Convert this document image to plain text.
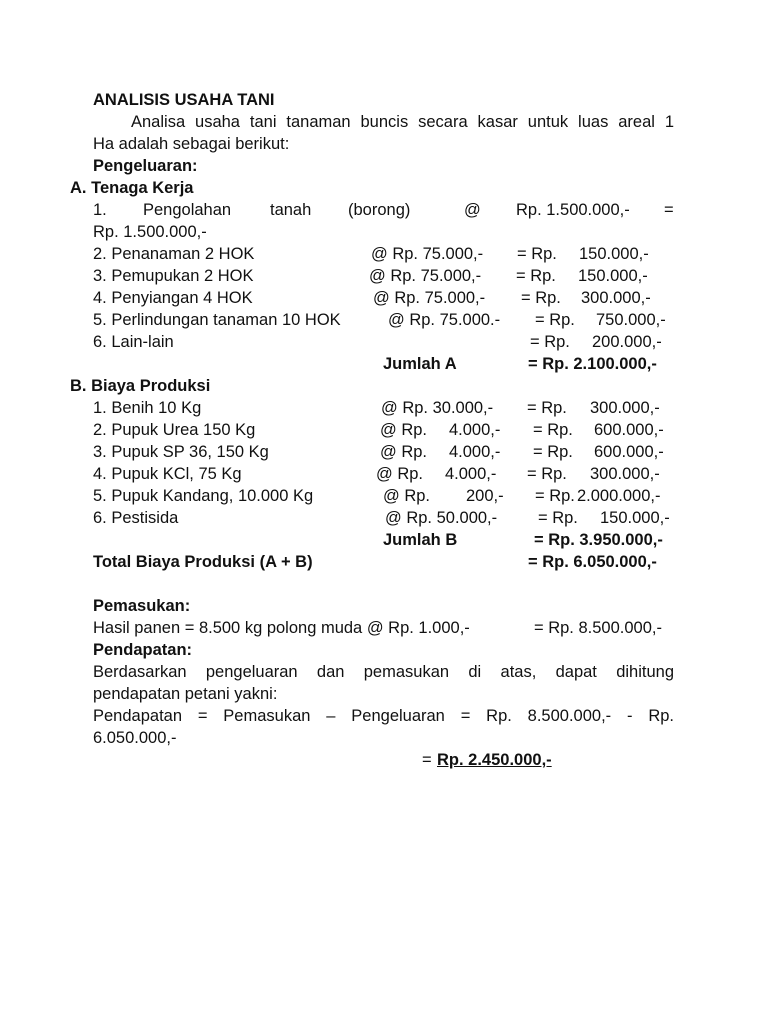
ANALISIS USAHA TANI
Analisa usaha tani tanaman buncis secara kasar untuk luas areal 1
Ha adalah sebagai berikut:
Pengeluaran:
A. Tenaga Kerja
1. Pengolahan tanah (borong)	@ Rp. 1.500.000,- =
Rp. 1.500.000,-
2. Penanaman 2 HOK	@ Rp. 75.000,- = Rp. 150.000,-
3. Pemupukan 2 HOK	@ Rp. 75.000,- = Rp. 150.000,-
4. Penyiangan 4 HOK	@ Rp. 75.000,- = Rp. 300.000,-
5. Perlindungan tanaman 10 HOK	@ Rp. 75.000.- = Rp. 750.000,-
6. Lain-lain	= Rp. 200.000,-
Jumlah A	= Rp. 2.100.000,-
B. Biaya Produksi
1. Benih 10 Kg	@ Rp. 30.000,- = Rp. 300.000,-
2. Pupuk Urea 150 Kg	@ Rp. 4.000,- = Rp. 600.000,-
3. Pupuk SP 36, 150 Kg	@ Rp. 4.000,- = Rp. 600.000,-
4. Pupuk KCl, 75 Kg	@ Rp. 4.000,- = Rp. 300.000,-
5. Pupuk Kandang, 10.000 Kg	@ Rp. 200,- = Rp. 2.000.000,-
6. Pestisida	@ Rp. 50.000,- = Rp. 150.000,-
Jumlah B	= Rp. 3.950.000,-
Total Biaya Produksi (A + B)	= Rp. 6.050.000,-
Pemasukan:
Hasil panen = 8.500 kg polong muda @ Rp. 1.000,-	= Rp. 8.500.000,-
Pendapatan:
Berdasarkan pengeluaran dan pemasukan di atas, dapat dihitung
pendapatan petani yakni:
Pendapatan = Pemasukan – Pengeluaran = Rp. 8.500.000,- - Rp.
6.050.000,-
= Rp. 2.450.000,-
